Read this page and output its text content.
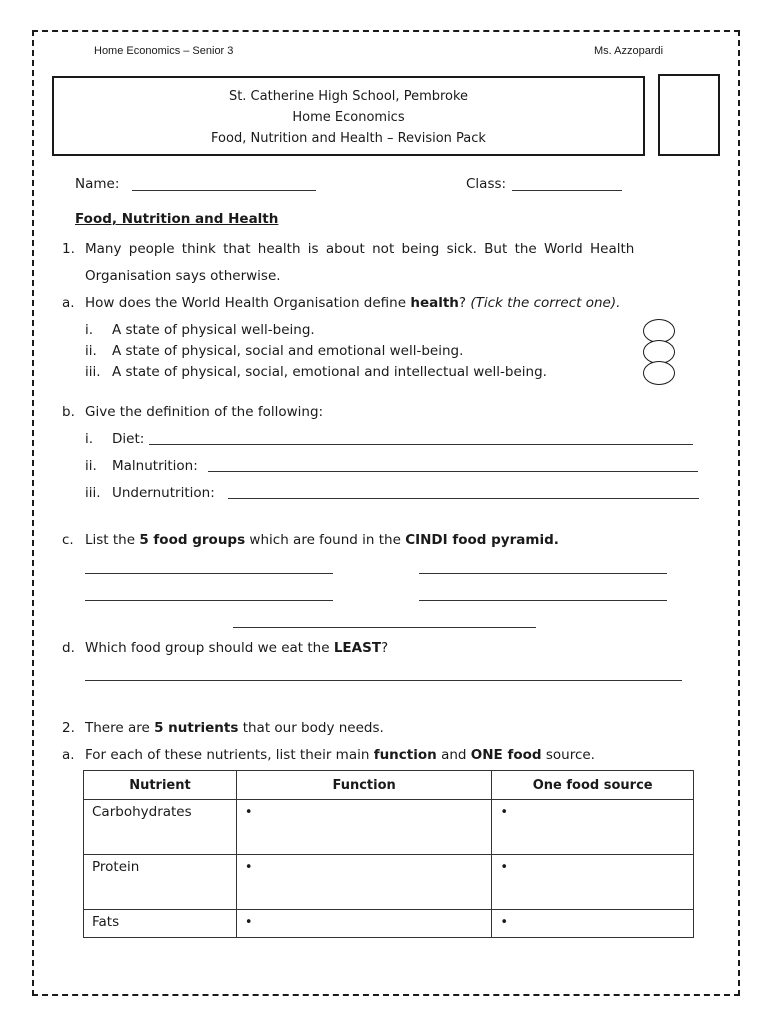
Home Economics – Senior 3	Ms. Azzopardi
St. Catherine High School, Pembroke
Home Economics
Food, Nutrition and Health – Revision Pack
Name:	Class:
Food, Nutrition and Health
1. Many people think that health is about not being sick. But the World Health
Organisation says otherwise.
a. How does the World Health Organisation define health? (Tick the correct one).
i. A state of physical well-being.
ii. A state of physical, social and emotional well-being.
iii. A state of physical, social, emotional and intellectual well-being.
b. Give the definition of the following:
i. Diet:
ii. Malnutrition:
iii. Undernutrition:
c. List the 5 food groups which are found in the CINDI food pyramid.
d. Which food group should we eat the LEAST?
2. There are 5 nutrients that our body needs.
a. For each of these nutrients, list their main function and ONE food source.
Nutrient	Function	One food source
Carbohydrates	•	•
Protein	•	•
Fats	•	•
